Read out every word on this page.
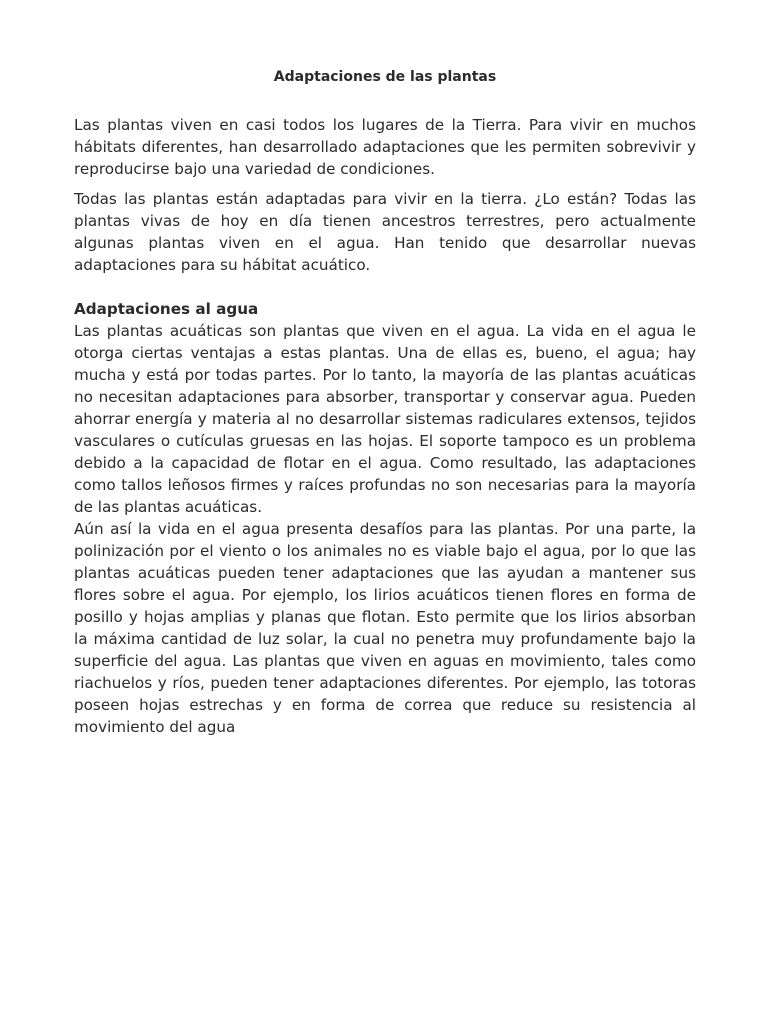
Adaptaciones de las plantas

Las plantas viven en casi todos los lugares de la Tierra. Para vivir en muchos hábitats diferentes, han desarrollado adaptaciones que les permiten sobrevivir y reproducirse bajo una variedad de condiciones.

Todas las plantas están adaptadas para vivir en la tierra. ¿Lo están? Todas las plantas vivas de hoy en día tienen ancestros terrestres, pero actualmente algunas plantas viven en el agua. Han tenido que desarrollar nuevas adaptaciones para su hábitat acuático.

Adaptaciones al agua

Las plantas acuáticas son plantas que viven en el agua. La vida en el agua le otorga ciertas ventajas a estas plantas. Una de ellas es, bueno, el agua; hay mucha y está por todas partes. Por lo tanto, la mayoría de las plantas acuáticas no necesitan adaptaciones para absorber, transportar y conservar agua. Pueden ahorrar energía y materia al no desarrollar sistemas radiculares extensos, tejidos vasculares o cutículas gruesas en las hojas. El soporte tampoco es un problema debido a la capacidad de flotar en el agua. Como resultado, las adaptaciones como tallos leñosos firmes y raíces profundas no son necesarias para la mayoría de las plantas acuáticas.

Aún así la vida en el agua presenta desafíos para las plantas. Por una parte, la polinización por el viento o los animales no es viable bajo el agua, por lo que las plantas acuáticas pueden tener adaptaciones que las ayudan a mantener sus flores sobre el agua. Por ejemplo, los lirios acuáticos tienen flores en forma de posillo y hojas amplias y planas que flotan. Esto permite que los lirios absorban la máxima cantidad de luz solar, la cual no penetra muy profundamente bajo la superficie del agua. Las plantas que viven en aguas en movimiento, tales como riachuelos y ríos, pueden tener adaptaciones diferentes. Por ejemplo, las totoras poseen hojas estrechas y en forma de correa que reduce su resistencia al movimiento del agua
